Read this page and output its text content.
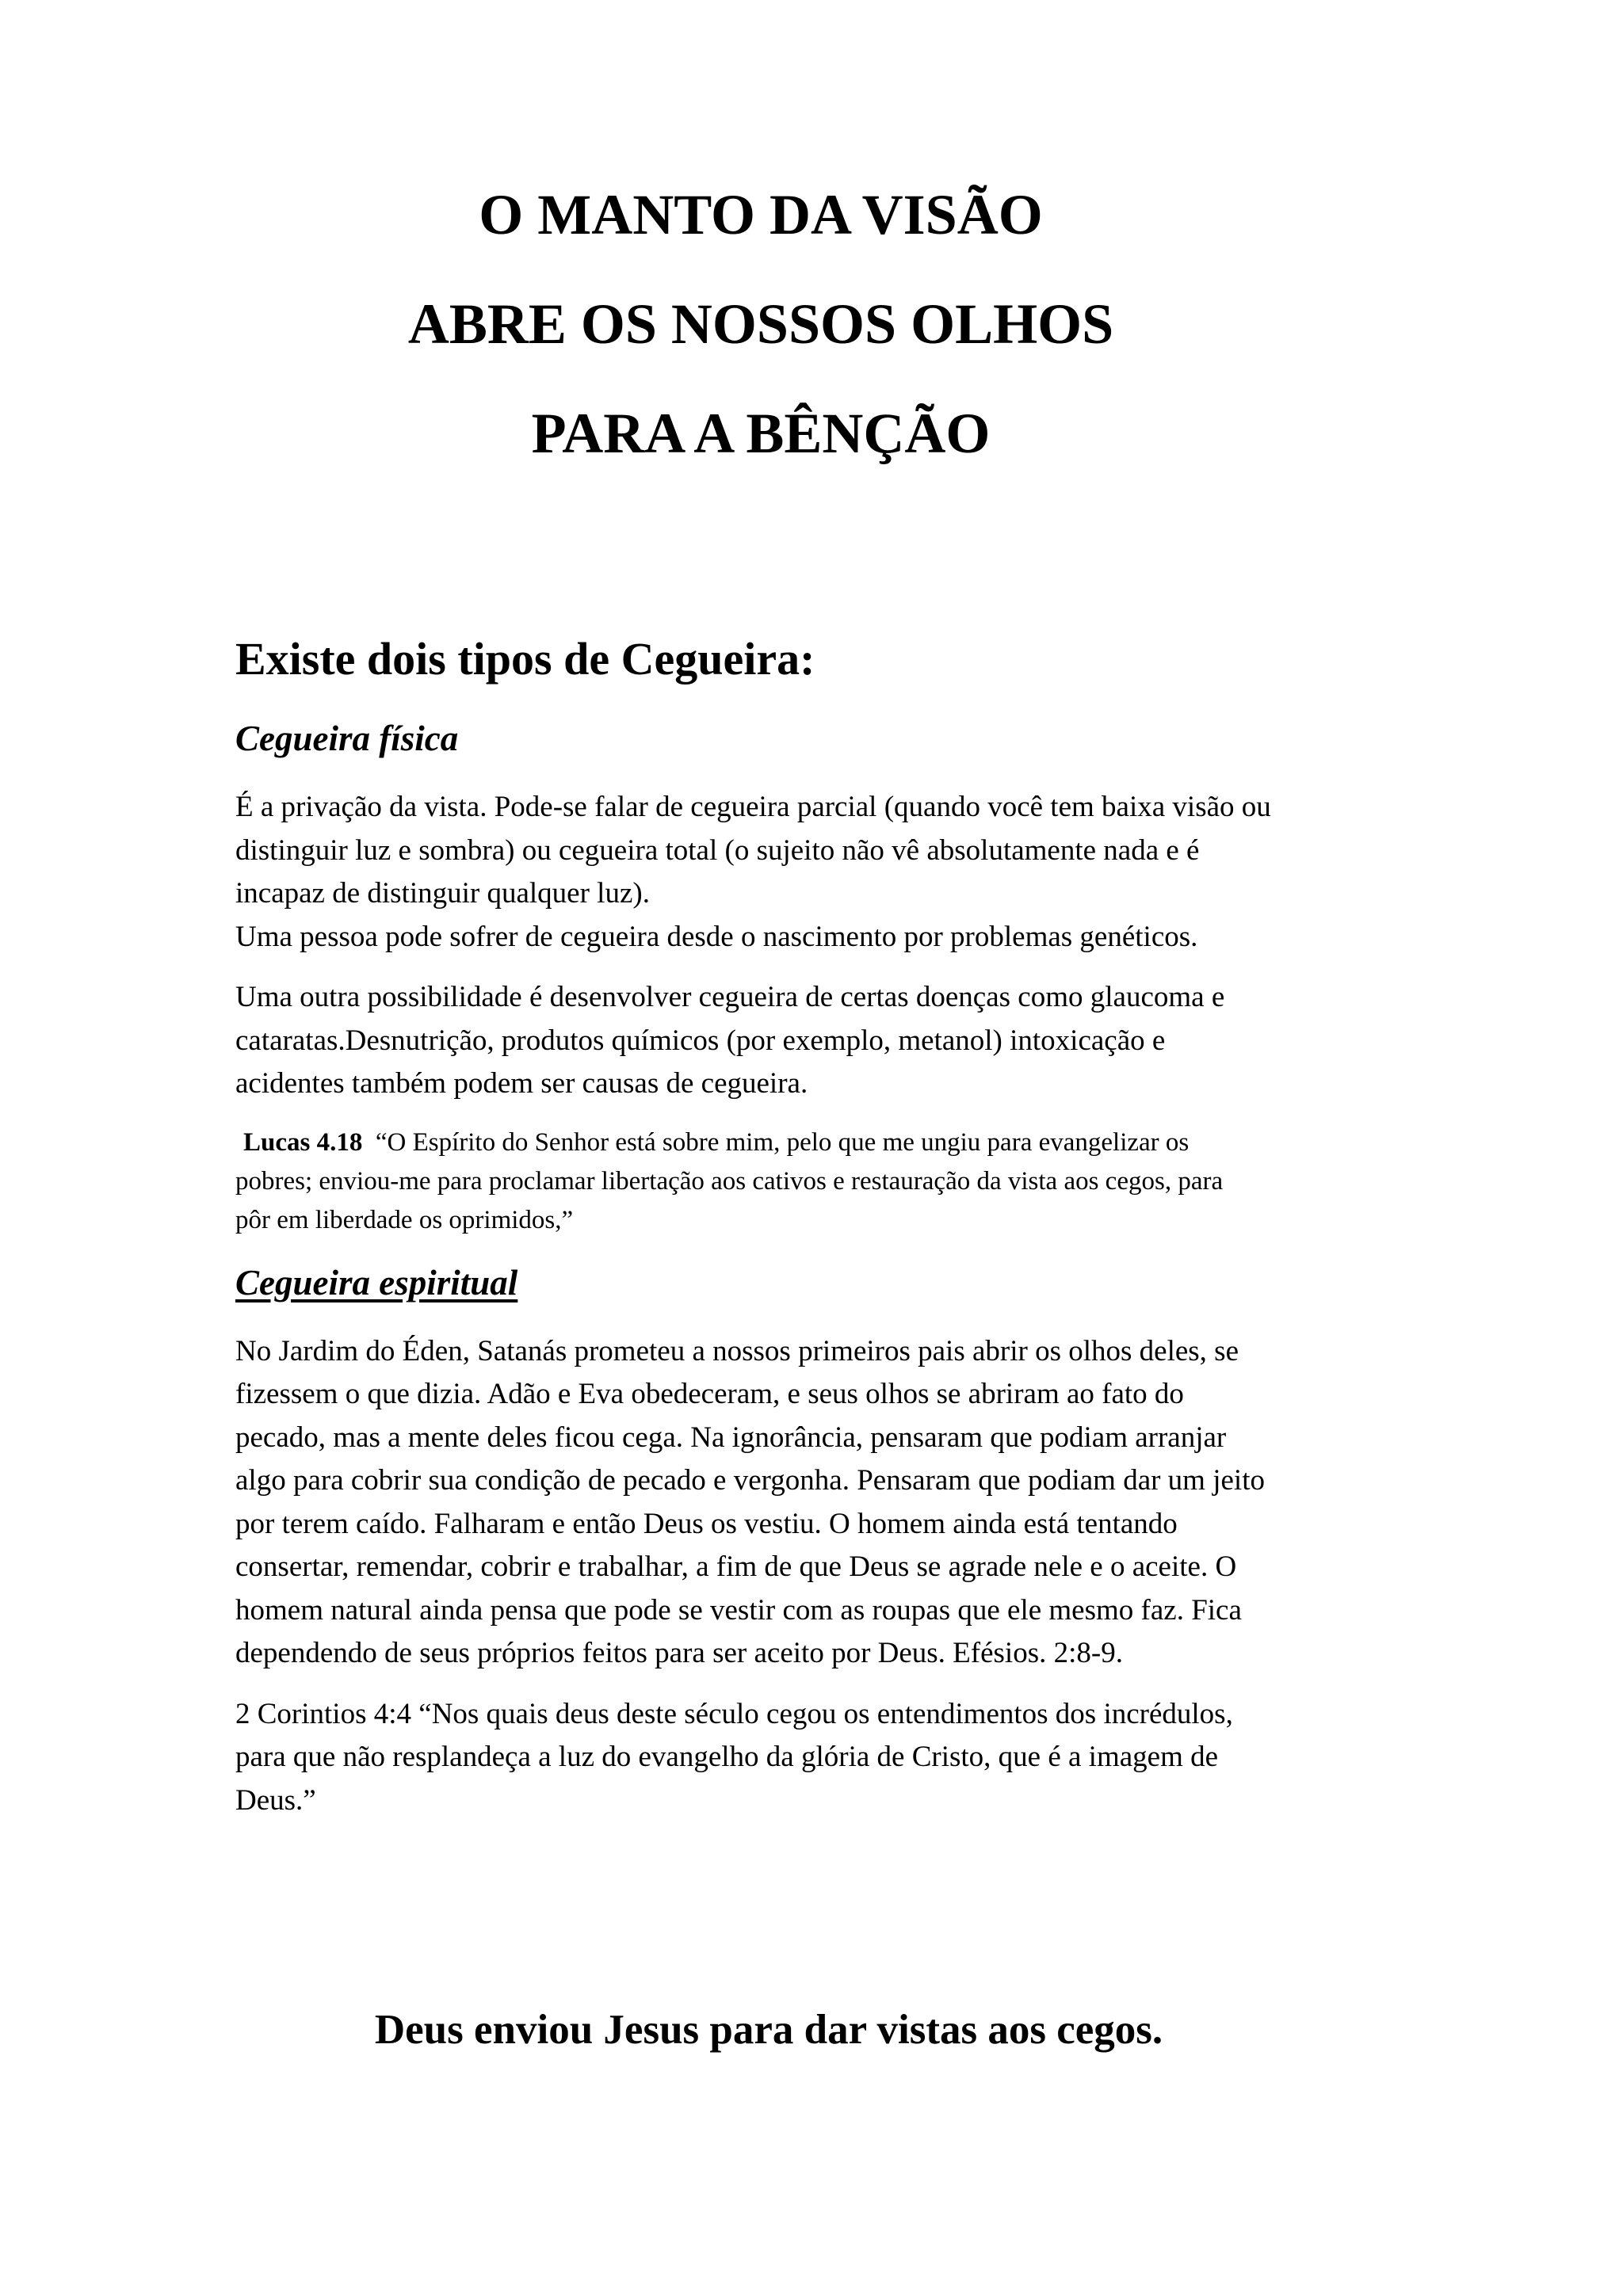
O MANTO DA VISÃO
ABRE OS NOSSOS OLHOS
PARA A BÊNÇÃO
Existe dois tipos de Cegueira:
Cegueira física
É a privação da vista. Pode-se falar de cegueira parcial (quando você tem baixa visão ou
distinguir luz e sombra) ou cegueira total (o sujeito não vê absolutamente nada e é
incapaz de distinguir qualquer luz).
Uma pessoa pode sofrer de cegueira desde o nascimento por problemas genéticos.
Uma outra possibilidade é desenvolver cegueira de certas doenças como glaucoma e
cataratas.Desnutrição, produtos químicos (por exemplo, metanol) intoxicação e
acidentes também podem ser causas de cegueira.
Lucas 4.18 “O Espírito do Senhor está sobre mim, pelo que me ungiu para evangelizar os
pobres; enviou-me para proclamar libertação aos cativos e restauração da vista aos cegos, para
pôr em liberdade os oprimidos,”
Cegueira espiritual
No Jardim do Éden, Satanás prometeu a nossos primeiros pais abrir os olhos deles, se
fizessem o que dizia. Adão e Eva obedeceram, e seus olhos se abriram ao fato do
pecado, mas a mente deles ficou cega. Na ignorância, pensaram que podiam arranjar
algo para cobrir sua condição de pecado e vergonha. Pensaram que podiam dar um jeito
por terem caído. Falharam e então Deus os vestiu. O homem ainda está tentando
consertar, remendar, cobrir e trabalhar, a fim de que Deus se agrade nele e o aceite. O
homem natural ainda pensa que pode se vestir com as roupas que ele mesmo faz. Fica
dependendo de seus próprios feitos para ser aceito por Deus. Efésios. 2:8-9.
2 Corintios 4:4 “Nos quais deus deste século cegou os entendimentos dos incrédulos,
para que não resplandeça a luz do evangelho da glória de Cristo, que é a imagem de
Deus.”
Deus enviou Jesus para dar vistas aos cegos.
